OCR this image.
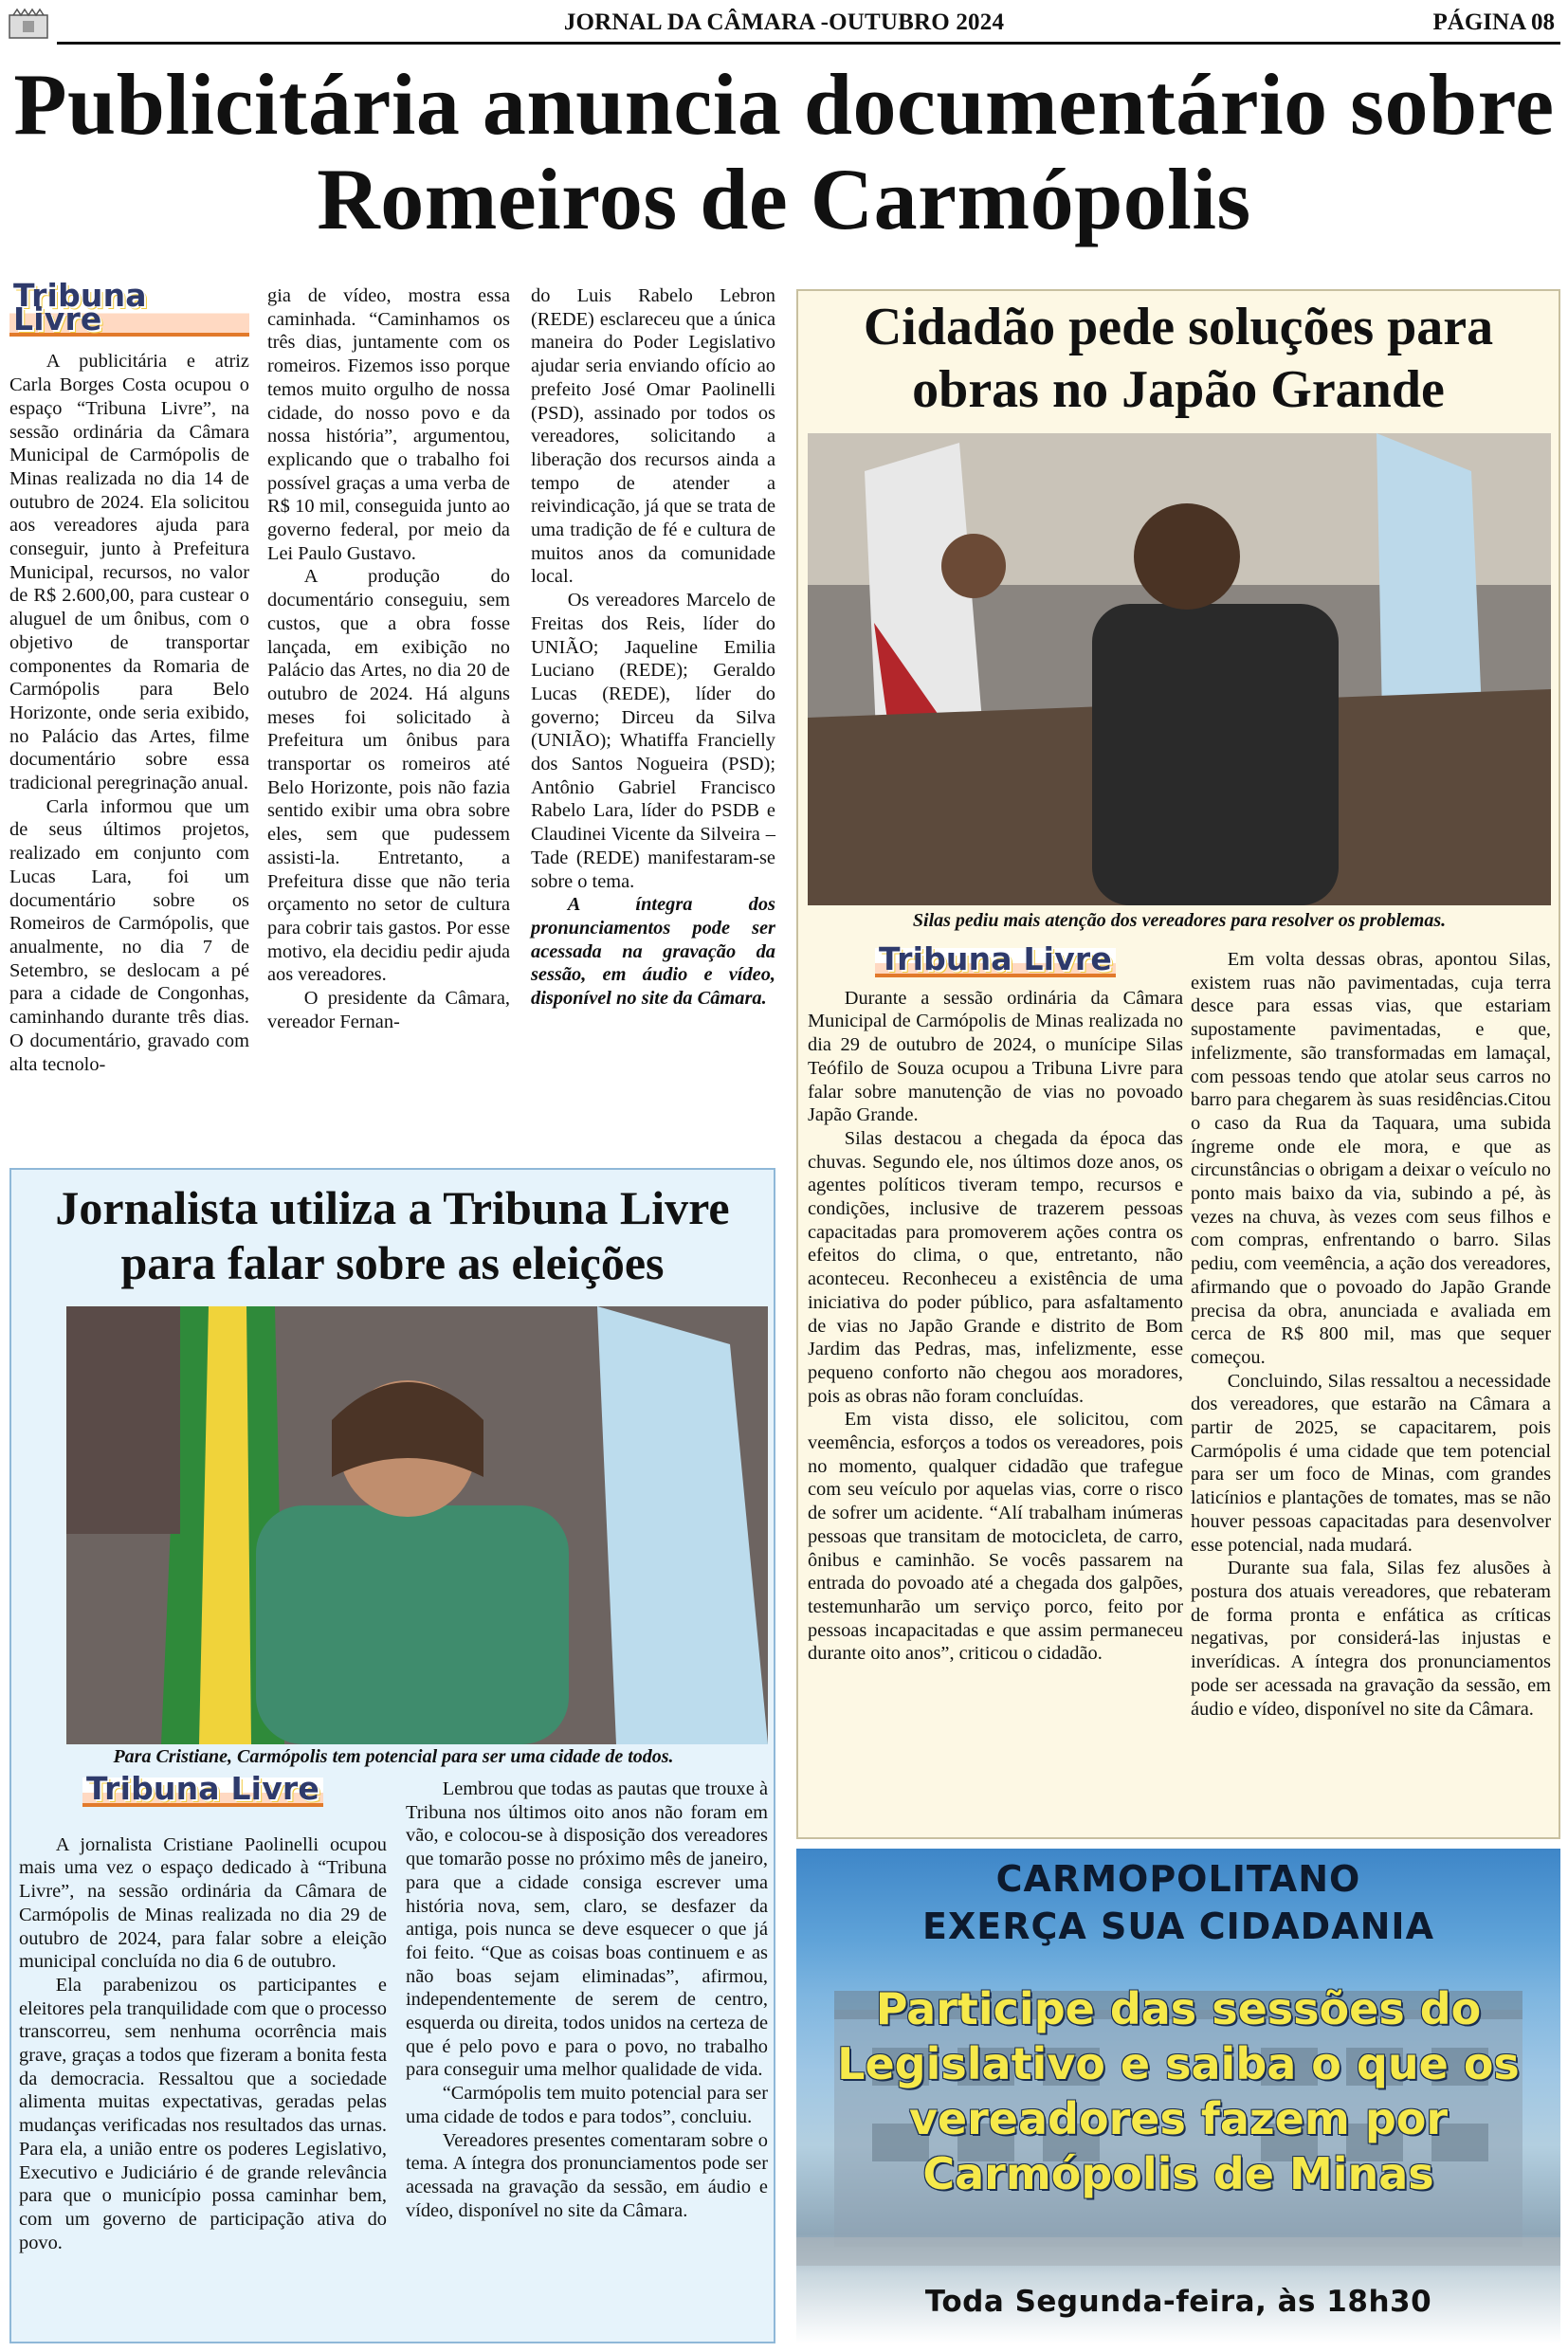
JORNAL DA CÂMARA -OUTUBRO 2024	PÁGINA 08
Publicitária anuncia documentário sobre Romeiros de Carmópolis
Tribuna Livre

A publicitária e atriz Carla Borges Costa ocupou o espaço “Tribuna Livre”, na sessão ordinária da Câmara Municipal de Carmópolis de Minas realizada no dia 14 de outubro de 2024. Ela solicitou aos vereadores ajuda para conseguir, junto à Prefeitura Municipal, recursos, no valor de R$ 2.600,00, para custear o aluguel de um ônibus, com o objetivo de transportar componentes da Romaria de Carmópolis para Belo Horizonte, onde seria exibido, no Palácio das Artes, filme documentário sobre essa tradicional peregrinação anual.

Carla informou que um de seus últimos projetos, realizado em conjunto com Lucas Lara, foi um documentário sobre os Romeiros de Carmópolis, que anualmente, no dia 7 de Setembro, se deslocam a pé para a cidade de Congonhas, caminhando durante três dias. O documentário, gravado com alta tecnolo-

gia de vídeo, mostra essa caminhada. “Caminhamos os três dias, juntamente com os romeiros. Fizemos isso porque temos muito orgulho de nossa cidade, do nosso povo e da nossa história”, argumentou, explicando que o trabalho foi possível graças a uma verba de R$ 10 mil, conseguida junto ao governo federal, por meio da Lei Paulo Gustavo.

A produção do documentário conseguiu, sem custos, que a obra fosse lançada, em exibição no Palácio das Artes, no dia 20 de outubro de 2024. Há alguns meses foi solicitado à Prefeitura um ônibus para transportar os romeiros até Belo Horizonte, pois não fazia sentido exibir uma obra sobre eles, sem que pudessem assisti-la. Entretanto, a Prefeitura disse que não teria orçamento no setor de cultura para cobrir tais gastos. Por esse motivo, ela decidiu pedir ajuda aos vereadores.

O presidente da Câmara, vereador Fernan-

do Luis Rabelo Lebron (REDE) esclareceu que a única maneira do Poder Legislativo ajudar seria enviando ofício ao prefeito José Omar Paolinelli (PSD), assinado por todos os vereadores, solicitando a liberação dos recursos ainda a tempo de atender a reivindicação, já que se trata de uma tradição de fé e cultura de muitos anos da comunidade local.

Os vereadores Marcelo de Freitas dos Reis, líder do UNIÃO; Jaqueline Emilia Luciano (REDE); Geraldo Lucas (REDE), líder do governo; Dirceu da Silva (UNIÃO); Whatiffa Francielly dos Santos Nogueira (PSD); Antônio Gabriel Francisco Rabelo Lara, líder do PSDB e Claudinei Vicente da Silveira – Tade (REDE) manifestaram-se sobre o tema.

A íntegra dos pronunciamentos pode ser acessada na gravação da sessão, em áudio e vídeo, disponível no site da Câmara.

Cidadão pede soluções para obras no Japão Grande
Silas pediu mais atenção dos vereadores para resolver os problemas.
Tribuna Livre

Durante a sessão ordinária da Câmara Municipal de Carmópolis de Minas realizada no dia 29 de outubro de 2024, o munícipe Silas Teófilo de Souza ocupou a Tribuna Livre para falar sobre manutenção de vias no povoado Japão Grande.

Silas destacou a chegada da época das chuvas. Segundo ele, nos últimos doze anos, os agentes políticos tiveram tempo, recursos e condições, inclusive de trazerem pessoas capacitadas para promoverem ações contra os efeitos do clima, o que, entretanto, não aconteceu. Reconheceu a existência de uma iniciativa do poder público, para asfaltamento de vias no Japão Grande e distrito de Bom Jardim das Pedras, mas, infelizmente, esse pequeno conforto não chegou aos moradores, pois as obras não foram concluídas.

Em vista disso, ele solicitou, com veemência, esforços a todos os vereadores, pois no momento, qualquer cidadão que trafegue com seu veículo por aquelas vias, corre o risco de sofrer um acidente. “Alí trabalham inúmeras pessoas que transitam de motocicleta, de carro, ônibus e caminhão. Se vocês passarem na entrada do povoado até a chegada dos galpões, testemunharão um serviço porco, feito por pessoas incapacitadas e que assim permaneceu durante oito anos”, criticou o cidadão.

Em volta dessas obras, apontou Silas, existem ruas não pavimentadas, cuja terra desce para essas vias, que estariam supostamente pavimentadas, e que, infelizmente, são transformadas em lamaçal, com pessoas tendo que atolar seus carros no barro para chegarem às suas residências.Citou o caso da Rua da Taquara, uma subida íngreme onde ele mora, e que as circunstâncias o obrigam a deixar o veículo no ponto mais baixo da via, subindo a pé, às vezes na chuva, às vezes com seus filhos e com compras, enfrentando o barro. Silas pediu, com veemência, a ação dos vereadores, afirmando que o povoado do Japão Grande precisa da obra, anunciada e avaliada em cerca de R$ 800 mil, mas que sequer começou.

Concluindo, Silas ressaltou a necessidade dos vereadores, que estarão na Câmara a partir de 2025, se capacitarem, pois Carmópolis é uma cidade que tem potencial para ser um foco de Minas, com grandes laticínios e plantações de tomates, mas se não houver pessoas capacitadas para desenvolver esse potencial, nada mudará.

Durante sua fala, Silas fez alusões à postura dos atuais vereadores, que rebateram de forma pronta e enfática as críticas negativas, por considerá-las injustas e inverídicas. A íntegra dos pronunciamentos pode ser acessada na gravação da sessão, em áudio e vídeo, disponível no site da Câmara.

Jornalista utiliza a Tribuna Livre para falar sobre as eleições
Para Cristiane, Carmópolis tem potencial para ser uma cidade de todos.
Tribuna Livre

A jornalista Cristiane Paolinelli ocupou mais uma vez o espaço dedicado à “Tribuna Livre”, na sessão ordinária da Câmara de Carmópolis de Minas realizada no dia 29 de outubro de 2024, para falar sobre a eleição municipal concluída no dia 6 de outubro.

Ela parabenizou os participantes e eleitores pela tranquilidade com que o processo transcorreu, sem nenhuma ocorrência mais grave, graças a todos que fizeram a bonita festa da democracia. Ressaltou que a sociedade alimenta muitas expectativas, geradas pelas mudanças verificadas nos resultados das urnas. Para ela, a união entre os poderes Legislativo, Executivo e Judiciário é de grande relevância para que o município possa caminhar bem, com um governo de participação ativa do povo.

Lembrou que todas as pautas que trouxe à Tribuna nos últimos oito anos não foram em vão, e colocou-se à disposição dos vereadores que tomarão posse no próximo mês de janeiro, para que a cidade consiga escrever uma história nova, sem, claro, se desfazer da antiga, pois nunca se deve esquecer o que já foi feito. “Que as coisas boas continuem e as não boas sejam eliminadas”, afirmou, independentemente de serem de centro, esquerda ou direita, todos unidos na certeza de que é pelo povo e para o povo, no trabalho para conseguir uma melhor qualidade de vida.

“Carmópolis tem muito potencial para ser uma cidade de todos e para todos”, concluiu.

Vereadores presentes comentaram sobre o tema. A íntegra dos pronunciamentos pode ser acessada na gravação da sessão, em áudio e vídeo, disponível no site da Câmara.

CARMOPOLITANO
EXERÇA SUA CIDADANIA
Participe das sessões do Legislativo e saiba o que os vereadores fazem por Carmópolis de Minas
Toda Segunda-feira, às 18h30
